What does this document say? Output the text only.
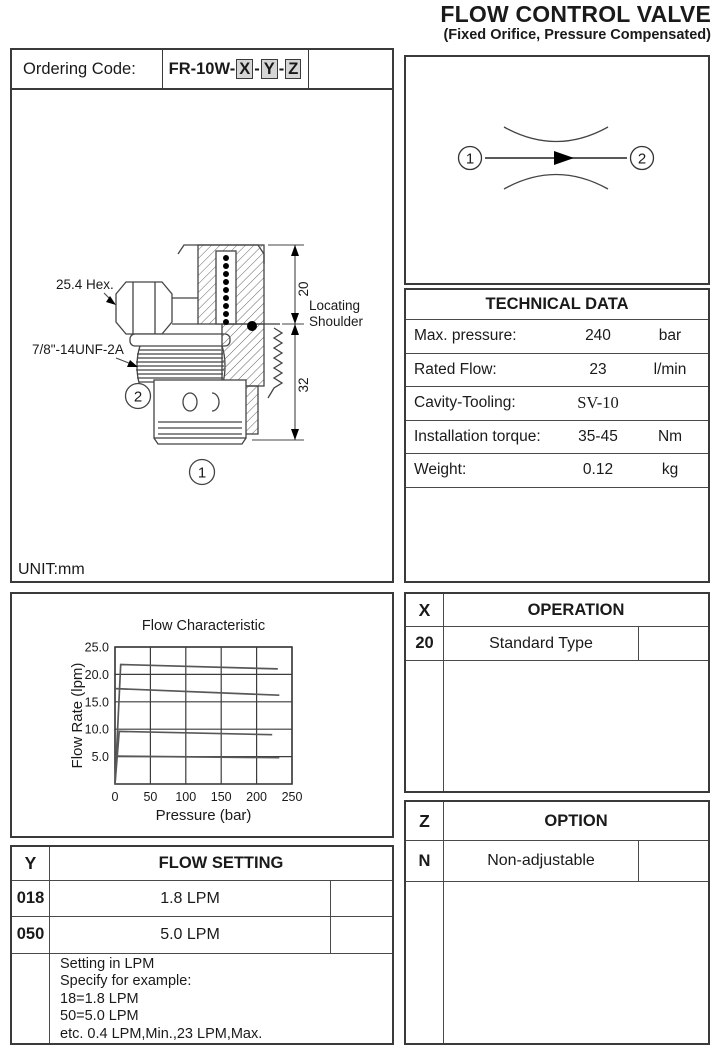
FLOW CONTROL VALVE
(Fixed Orifice, Pressure Compensated)
Ordering Code:	FR-10W- X - Y - Z
20
32
25.4 Hex.
7/8"-14UNF-2A
Locating
Shoulder
2
1
UNIT:mm
1	2
TECHNICAL DATA
Max. pressure:	240	bar
Rated Flow:	23	l/min
Cavity-Tooling:	SV-10
Installation torque:	35-45	Nm
Weight:	0.12	kg
0 50 100 150 200 250
5.0
10.0
15.0
20.0
25.0
Flow Characteristic
Pressure (bar)
Flow Rate (lpm)
X	OPERATION
20	Standard Type
Z	OPTION
N	Non-adjustable
Y	FLOW SETTING
018	1.8 LPM
050	5.0 LPM
Setting in LPM
Specify for example:
18=1.8 LPM
50=5.0 LPM
etc. 0.4 LPM,Min.,23 LPM,Max.
